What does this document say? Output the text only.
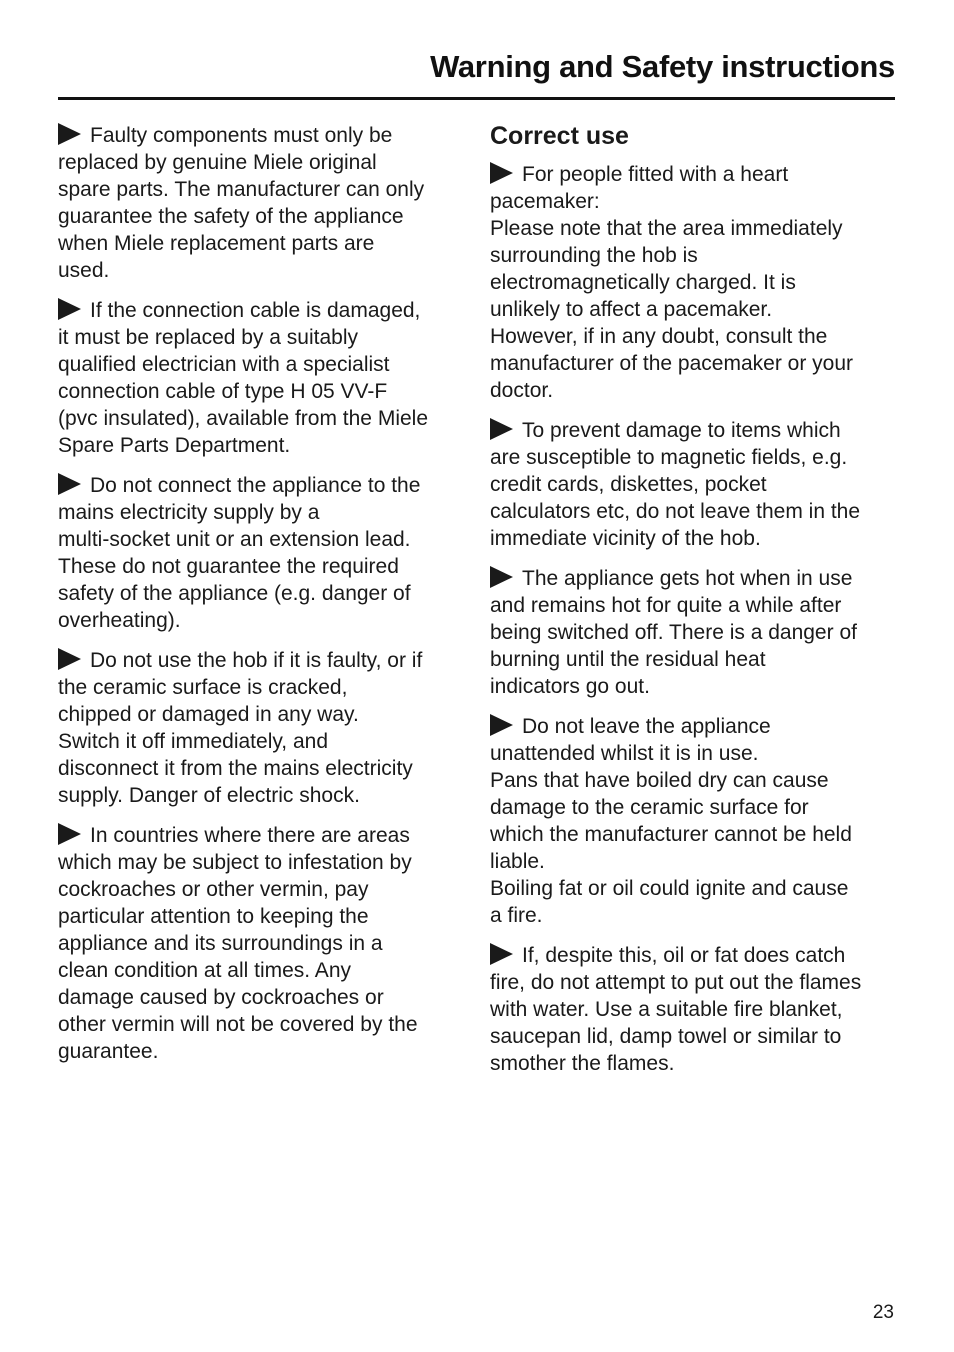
Warning and Safety instructions

Faulty components must only be
replaced by genuine Miele original
spare parts. The manufacturer can only
guarantee the safety of the appliance
when Miele replacement parts are
used.

If the connection cable is damaged,
it must be replaced by a suitably
qualified electrician with a specialist
connection cable of type H 05 VV-F
(pvc insulated), available from the Miele
Spare Parts Department.

Do not connect the appliance to the
mains electricity supply by a
multi-socket unit or an extension lead.
These do not guarantee the required
safety of the appliance (e.g. danger of
overheating).

Do not use the hob if it is faulty, or if
the ceramic surface is cracked,
chipped or damaged in any way.
Switch it off immediately, and
disconnect it from the mains electricity
supply. Danger of electric shock.

In countries where there are areas
which may be subject to infestation by
cockroaches or other vermin, pay
particular attention to keeping the
appliance and its surroundings in a
clean condition at all times. Any
damage caused by cockroaches or
other vermin will not be covered by the
guarantee.

Correct use

For people fitted with a heart
pacemaker:
Please note that the area immediately
surrounding the hob is
electromagnetically charged. It is
unlikely to affect a pacemaker.
However, if in any doubt, consult the
manufacturer of the pacemaker or your
doctor.

To prevent damage to items which
are susceptible to magnetic fields, e.g.
credit cards, diskettes, pocket
calculators etc, do not leave them in the
immediate vicinity of the hob.

The appliance gets hot when in use
and remains hot for quite a while after
being switched off. There is a danger of
burning until the residual heat
indicators go out.

Do not leave the appliance
unattended whilst it is in use.
Pans that have boiled dry can cause
damage to the ceramic surface for
which the manufacturer cannot be held
liable.
Boiling fat or oil could ignite and cause
a fire.

If, despite this, oil or fat does catch
fire, do not attempt to put out the flames
with water. Use a suitable fire blanket,
saucepan lid, damp towel or similar to
smother the flames.

23
